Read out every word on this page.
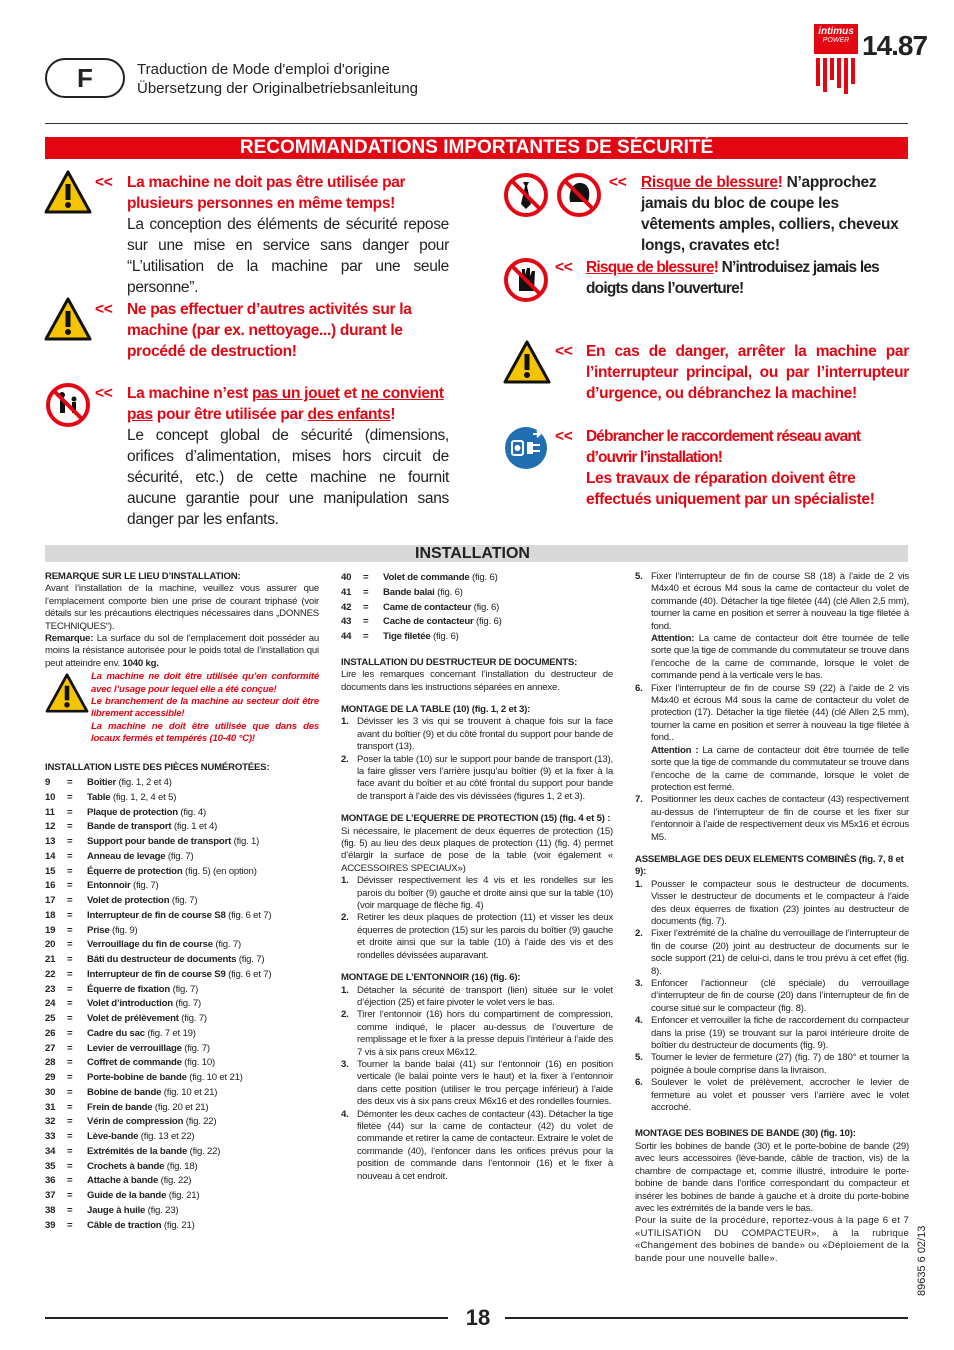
F	Traduction de Mode d'emploi d'origine
Übersetzung der Originalbetriebsanleitung
intimus
POWER 14.87
RECOMMANDATIONS IMPORTANTES DE SÉCURITÉ
<< La machine ne doit pas être utilisée par plusieurs personnes en même temps!
La conception des éléments de sécurité repose sur une mise en service sans danger pour “L’utilisation de la machine par une seule personne”.
<< Ne pas effectuer d’autres activités sur la machine (par ex. nettoyage...) durant le procédé de destruction!
<< La machine n’est pas un jouet et ne convient pas pour être utilisée par des enfants!
Le concept global de sécurité (dimensions, orifices d’alimentation, mises hors circuit de sécurité, etc.) de cette machine ne fournit aucune garantie pour une manipulation sans danger par les enfants.
<< Risque de blessure! N’approchez jamais du bloc de coupe les vêtements amples, colliers, cheveux longs, cravates etc!
<< Risque de blessure! N’introduisez jamais les doigts dans l’ouverture!
<< En cas de danger, arrêter la machine par l’interrupteur principal, ou par l’interrupteur d’urgence, ou débranchez la machine!
<< Débrancher le raccordement réseau avant d’ouvrir l’installation!
Les travaux de réparation doivent être effectués uniquement par un spécialiste!
INSTALLATION
REMARQUE SUR LE LIEU D’INSTALLATION:
Avant l’installation de la machine, veuillez vous assurer que l’emplacement comporte bien une prise de courant triphasé (voir détails sur les précautions électriques nécessaires dans „DONNES TECHNIQUES“).
Remarque: La surface du sol de l’emplacement doit posséder au moins la résistance autorisée pour le poids total de l’installation qui peut atteindre env. 1040 kg.
La machine ne doit être utilisée qu’en conformité avec l’usage pour lequel elle a été conçue!
Le branchement de la machine au secteur doit être librement accessible!
La machine ne doit être utilisée que dans des locaux fermés et tempérés (10-40 °C)!
INSTALLATION LISTE DES PIÈCES NUMÉROTÉES:
9	=	Boîtier (fig. 1, 2 et 4)
10	=	Table (fig. 1, 2, 4 et 5)
11	=	Plaque de protection (fig. 4)
12	=	Bande de transport (fig. 1 et 4)
13	=	Support pour bande de transport (fig. 1)
14	=	Anneau de levage (fig. 7)
15	=	Équerre de protection (fig. 5) (en option)
16	=	Entonnoir (fig. 7)
17	=	Volet de protection (fig. 7)
18	=	Interrupteur de fin de course S8 (fig. 6 et 7)
19	=	Prise (fig. 9)
20	=	Verrouillage du fin de course (fig. 7)
21	=	Bâti du destructeur de documents (fig. 7)
22	=	Interrupteur de fin de course S9 (fig. 6 et 7)
23	=	Équerre de fixation (fig. 7)
24	=	Volet d’introduction (fig. 7)
25	=	Volet de prélèvement (fig. 7)
26	=	Cadre du sac (fig. 7 et 19)
27	=	Levier de verrouillage (fig. 7)
28	=	Coffret de commande (fig. 10)
29	=	Porte-bobine de bande (fig. 10 et 21)
30	=	Bobine de bande (fig. 10 et 21)
31	=	Frein de bande (fig. 20 et 21)
32	=	Vérin de compression (fig. 22)
33	=	Lève-bande (fig. 13 et 22)
34	=	Extrémités de la bande (fig. 22)
35	=	Crochets à bande (fig. 18)
36	=	Attache à bande (fig. 22)
37	=	Guide de la bande (fig. 21)
38	=	Jauge à huile (fig. 23)
39	=	Câble de traction (fig. 21)
40	=	Volet de commande (fig. 6)
41	=	Bande balai (fig. 6)
42	=	Came de contacteur (fig. 6)
43	=	Cache de contacteur (fig. 6)
44	=	Tige filetée (fig. 6)
INSTALLATION DU DESTRUCTEUR DE DOCUMENTS:
Lire les remarques concernant l’installation du destructeur de documents dans les instructions séparées en annexe.
MONTAGE DE LA TABLE (10) (fig. 1, 2 et 3):
1. Dévisser les 3 vis qui se trouvent à chaque fois sur la face avant du boîtier (9) et du côté frontal du support pour bande de transport (13).
2. Poser la table (10) sur le support pour bande de transport (13), la faire glisser vers l’arrière jusqu’au boîtier (9) et la fixer à la face avant du boîtier et au côté frontal du support pour bande de transport à l’aide des vis dévissées (figures 1, 2 et 3).
MONTAGE DE L’EQUERRE DE PROTECTION (15) (fig. 4 et 5) :
Si nécessaire, le placement de deux équerres de protection (15) (fig. 5) au lieu des deux plaques de protection (11) (fig. 4) permet d’élargir la surface de pose de la table (voir également « ACCESSOIRES SPECIAUX»)
1. Dévisser respectivement les 4 vis et les rondelles sur les parois du boîtier (9) gauche et droite ainsi que sur la table (10) (voir marquage de flèche fig. 4)
2. Retirer les deux plaques de protection (11) et visser les deux équerres de protection (15) sur les parois du boîtier (9) gauche et droite ainsi que sur la table (10) à l’aide des vis et des rondelles dévissées auparavant.
MONTAGE DE L’ENTONNOIR (16) (fig. 6):
1. Détacher la sécurité de transport (lien) située sur le volet d’éjection (25) et faire pivoter le volet vers le bas.
2. Tirer l’entonnoir (16) hors du compartiment de compression, comme indiqué, le placer au-dessus de l’ouverture de remplissage et le fixer à la presse depuis l’intérieur à l’aide des 7 vis à six pans creux M6x12.
3. Tourner la bande balai (41) sur l’entonnoir (16) en position verticale (le balai pointe vers le haut) et la fixer à l’entonnoir dans cette position (utiliser le trou perçage inférieur) à l’aide des deux vis à six pans creux M6x16 et des rondelles fournies.
4. Démonter les deux caches de contacteur (43). Détacher la tige filetée (44) sur la came de contacteur (42) du volet de commande et retirer la came de contacteur. Extraire le volet de commande (40), l’enfoncer dans les orifices prévus pour la position de commande dans l’entonnoir (16) et le fixer à nouveau à cet endroit.
5. Fixer l’interrupteur de fin de course S8 (18) à l’aide de 2 vis M4x40 et écrous M4 sous la came de contacteur du volet de commande (40). Détacher la tige filetée (44) (clé Allen 2,5 mm), tourner la came en position et serrer à nouveau la tige filetée à fond.
Attention: La came de contacteur doit être tournée de telle sorte que la tige de commande du commutateur se trouve dans l’encoche de la came de commande, lorsque le volet de commande pend à la verticale vers le bas.
6. Fixer l’interrupteur de fin de course S9 (22) à l’aide de 2 vis M4x40 et écrous M4 sous la came de contacteur du volet de protection (17). Détacher la tige filetée (44) (clé Allen 2,5 mm), tourner la came en position et serrer à nouveau la tige filetée à fond..
Attention : La came de contacteur doit être tournée de telle sorte que la tige de commande du commutateur se trouve dans l’encoche de la came de commande, lorsque le volet de protection est fermé.
7. Positionner les deux caches de contacteur (43) respectivement au-dessus de l’interrupteur de fin de course et les fixer sur l’entonnoir à l’aide de respectivement deux vis M5x16 et écrous M5.
ASSEMBLAGE DES DEUX ELEMENTS COMBINÈS (fig. 7, 8 et 9):
1. Pousser le compacteur sous le destructeur de documents. Visser le destructeur de documents et le compacteur à l’aide des deux équerres de fixation (23) jointes au destructeur de documents (fig. 7).
2. Fixer l’extrémité de la chaîne du verrouillage de l’interrupteur de fin de course (20) joint au destructeur de documents sur le socle support (21) de celui-ci, dans le trou prévu à cet effet (fig. 8).
3. Enfoncer l’actionneur (clé spéciale) du verrouillage d’interrupteur de fin de course (20) dans l’interrupteur de fin de course situé sur le compacteur (fig. 8).
4. Enfoncer et verrouiller la fiche de raccordement du compacteur dans la prise (19) se trouvant sur la paroi intérieure droite de boîtier du destructeur de documents (fig. 9).
5. Tourner le levier de fermeture (27) (fig. 7) de 180° et tourner la poignée à boule comprise dans la livraison.
6. Soulever le volet de prélèvement, accrocher le levier de fermeture au volet et pousser vers l’arrière avec le volet accroché.
MONTAGE DES BOBINES DE BANDE (30) (fig. 10):
Sortir les bobines de bande (30) et le porte-bobine de bande (29) avec leurs accessoires (lève-bande, câble de traction, vis) de la chambre de compactage et, comme illustré, introduire le porte-bobine de bande dans l’orifice correspondant du compacteur et insérer les bobines de bande à gauche et à droite du porte-bobine avec les extrémités de la bande vers le bas.
Pour la suite de la procédure, reportez-vous à la page 6 et 7 «UTILISATION DU COMPACTEUR», à la rubrique «Changement des bobines de bande» ou «Déploiement de la bande pour une nouvelle balle».	89635 6 02/13
18
